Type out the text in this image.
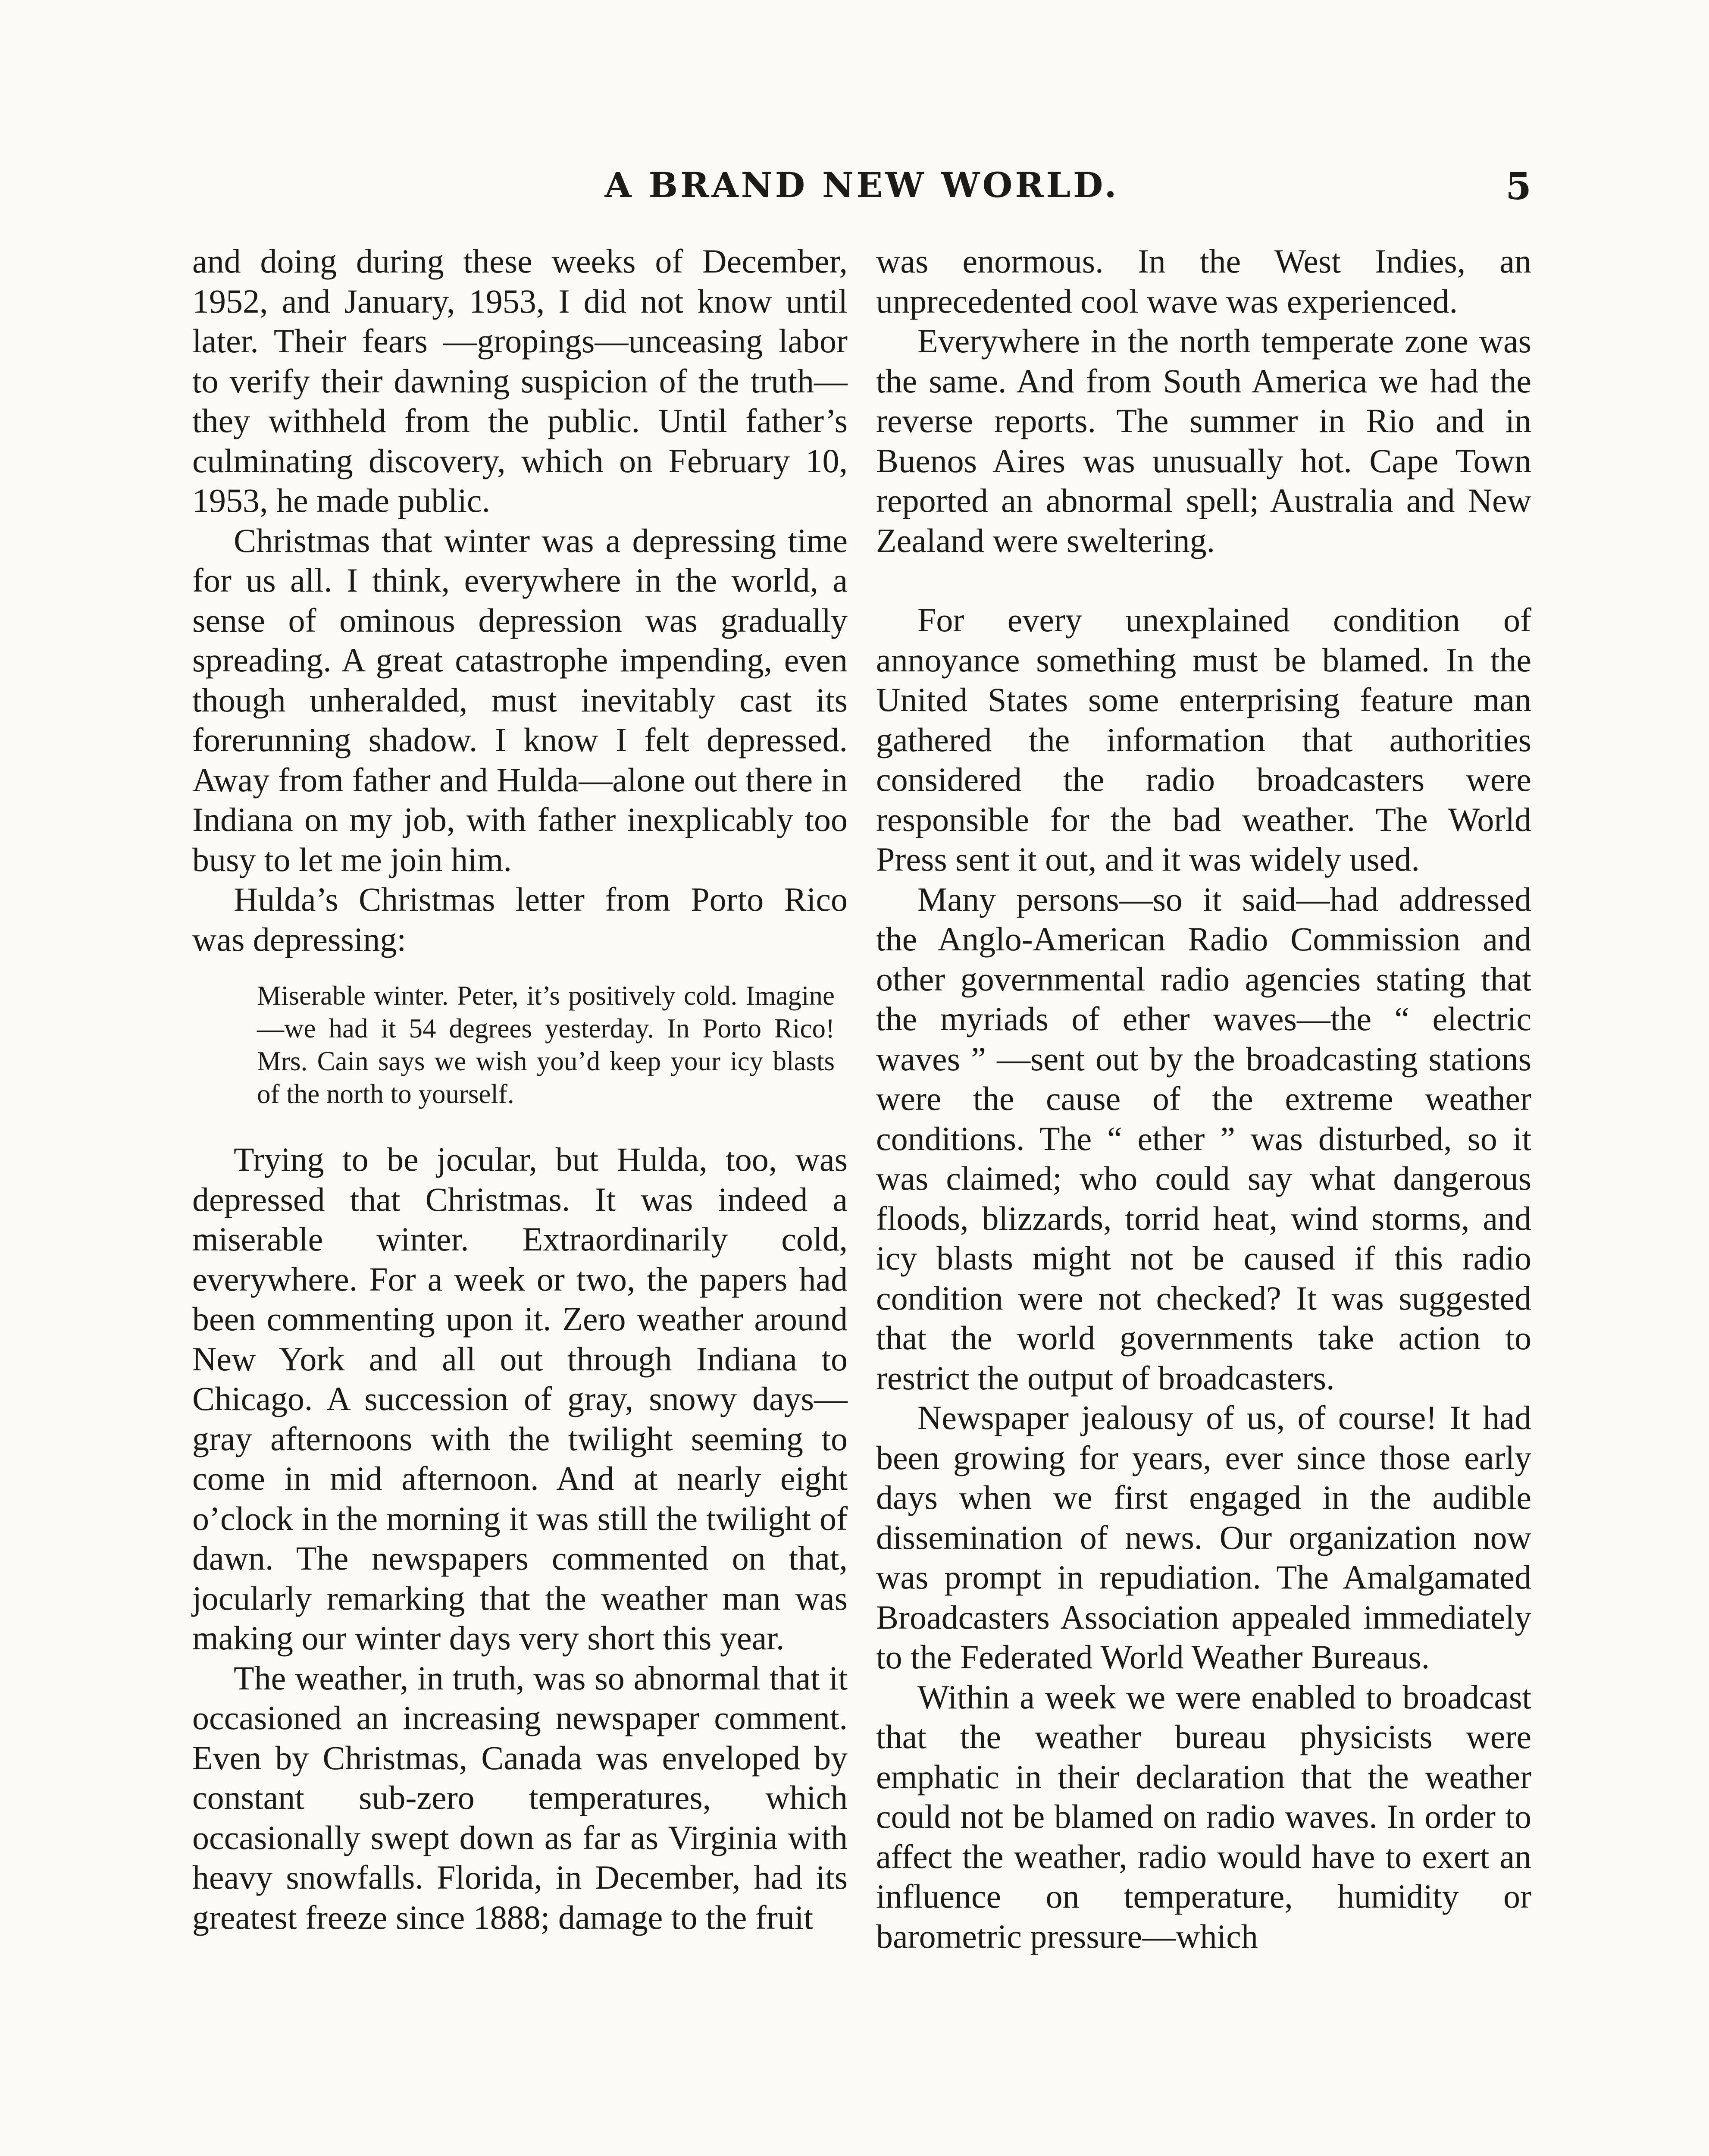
A BRAND NEW WORLD.	5

and doing during these weeks of December, 1952, and January, 1953, I did not know until later. Their fears —gropings—unceasing labor to verify their dawning suspicion of the truth— they withheld from the public. Until father’s culminating discovery, which on February 10, 1953, he made public.

Christmas that winter was a depressing time for us all. I think, everywhere in the world, a sense of ominous depression was gradually spreading. A great catastrophe impending, even though unheralded, must inevitably cast its forerunning shadow. I know I felt depressed. Away from father and Hulda—alone out there in Indiana on my job, with father inexplicably too busy to let me join him.

Hulda’s Christmas letter from Porto Rico was depressing:

Miserable winter. Peter, it’s positively cold. Imagine—we had it 54 degrees yesterday. In Porto Rico! Mrs. Cain says we wish you’d keep your icy blasts of the north to yourself.

Trying to be jocular, but Hulda, too, was depressed that Christmas. It was indeed a miserable winter. Extraordinarily cold, everywhere. For a week or two, the papers had been commenting upon it. Zero weather around New York and all out through Indiana to Chicago. A succession of gray, snowy days—gray afternoons with the twilight seeming to come in mid afternoon. And at nearly eight o’clock in the morning it was still the twilight of dawn. The newspapers commented on that, jocularly remarking that the weather man was making our winter days very short this year.

The weather, in truth, was so abnormal that it occasioned an increasing newspaper comment. Even by Christmas, Canada was enveloped by constant sub-zero temperatures, which occasionally swept down as far as Virginia with heavy snowfalls. Florida, in December, had its greatest freeze since 1888; damage to the fruit

was enormous. In the West Indies, an unprecedented cool wave was experienced.

Everywhere in the north temperate zone was the same. And from South America we had the reverse reports. The summer in Rio and in Buenos Aires was unusually hot. Cape Town reported an abnormal spell; Australia and New Zealand were sweltering.

For every unexplained condition of annoyance something must be blamed. In the United States some enterprising feature man gathered the information that authorities considered the radio broadcasters were responsible for the bad weather. The World Press sent it out, and it was widely used.

Many persons—so it said—had addressed the Anglo-American Radio Commission and other governmental radio agencies stating that the myriads of ether waves—the “ electric waves ” —sent out by the broadcasting stations were the cause of the extreme weather conditions. The “ ether ” was disturbed, so it was claimed; who could say what dangerous floods, blizzards, torrid heat, wind storms, and icy blasts might not be caused if this radio condition were not checked? It was suggested that the world governments take action to restrict the output of broadcasters.

Newspaper jealousy of us, of course! It had been growing for years, ever since those early days when we first engaged in the audible dissemination of news. Our organization now was prompt in repudiation. The Amalgamated Broadcasters Association appealed immediately to the Federated World Weather Bureaus.

Within a week we were enabled to broadcast that the weather bureau physicists were emphatic in their declaration that the weather could not be blamed on radio waves. In order to affect the weather, radio would have to exert an influence on temperature, humidity or barometric pressure—which
